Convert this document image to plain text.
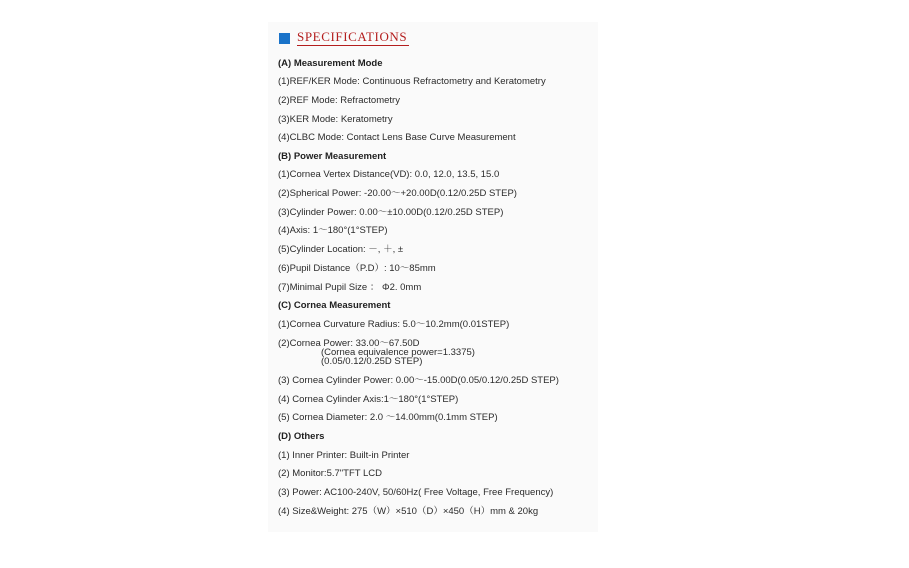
SPECIFICATIONS
(A) Measurement Mode
(1)REF/KER Mode: Continuous Refractometry and Keratometry
(2)REF Mode: Refractometry
(3)KER Mode: Keratometry
(4)CLBC Mode: Contact Lens Base Curve Measurement
(B) Power Measurement
(1)Cornea Vertex Distance(VD): 0.0, 12.0, 13.5, 15.0
(2)Spherical Power: -20.00～+20.00D(0.12/0.25D STEP)
(3)Cylinder Power: 0.00～±10.00D(0.12/0.25D STEP)
(4)Axis: 1～180°(1°STEP)
(5)Cylinder Location: －, ＋, ±
(6)Pupil Distance（P.D）: 10～85mm
(7)Minimal Pupil Size ： Φ2. 0mm
(C) Cornea Measurement
(1)Cornea Curvature Radius: 5.0～10.2mm(0.01STEP)
(2)Cornea Power: 33.00～67.50D
(Cornea equivalence power=1.3375)
(0.05/0.12/0.25D STEP)
(3) Cornea Cylinder Power: 0.00～-15.00D(0.05/0.12/0.25D STEP)
(4) Cornea Cylinder Axis:1～180°(1°STEP)
(5) Cornea Diameter: 2.0 ～14.00mm(0.1mm STEP)
(D) Others
(1) Inner Printer: Built-in Printer
(2) Monitor:5.7"TFT LCD
(3) Power: AC100-240V, 50/60Hz( Free Voltage, Free Frequency)
(4) Size&Weight: 275（W）×510（D）×450（H）mm & 20kg
